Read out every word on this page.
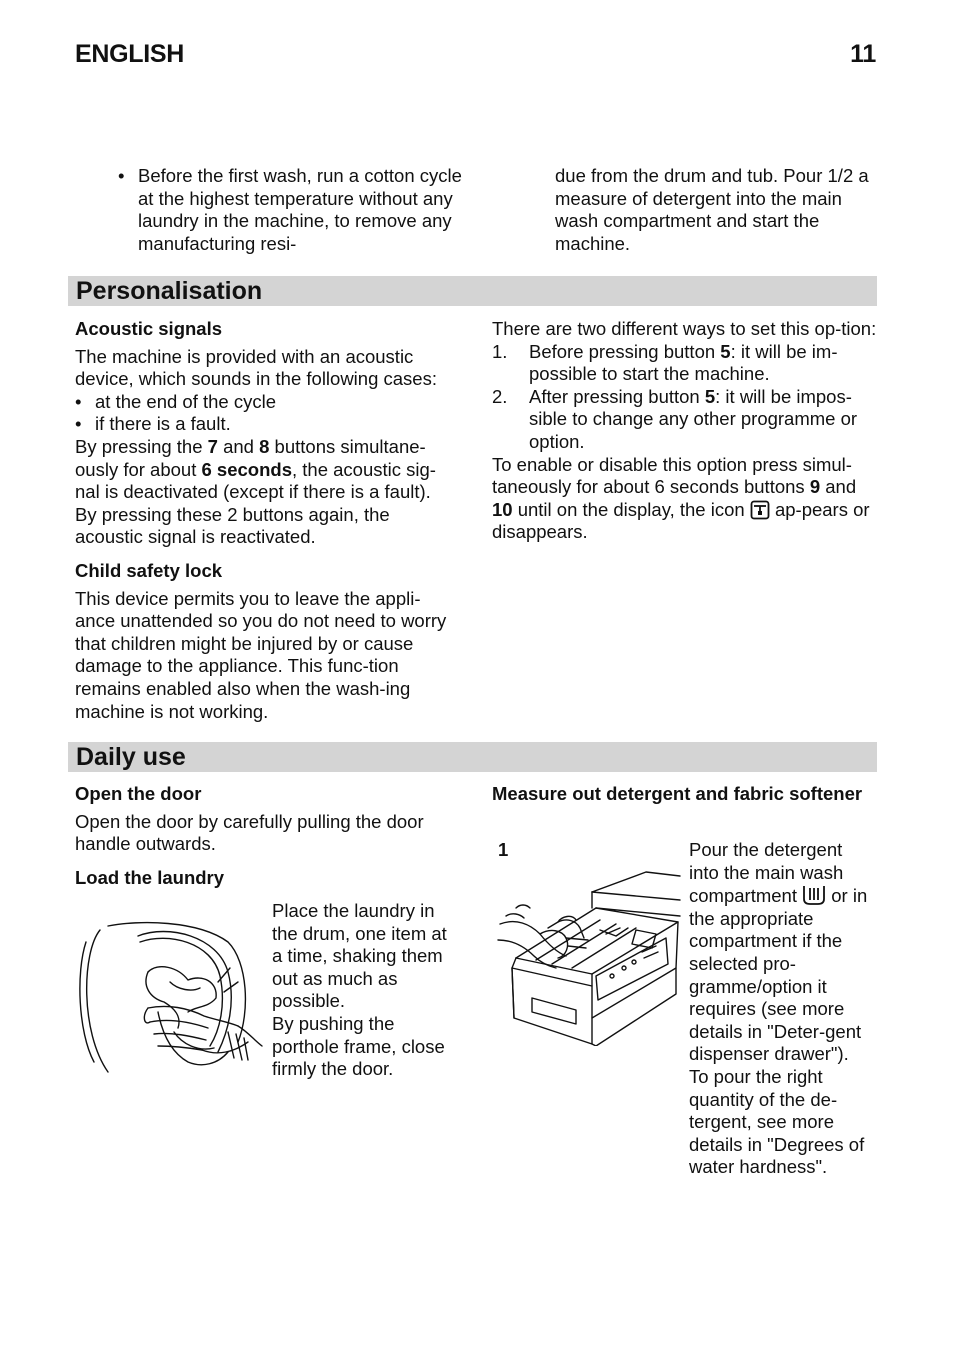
ENGLISH	11
• Before the first wash, run a cotton cycle at the highest temperature without any laundry in the machine, to remove any manufacturing resi-
due from the drum and tub. Pour 1/2 a measure of detergent into the main wash compartment and start the machine.
Personalisation
Acoustic signals
The machine is provided with an acoustic device, which sounds in the following cases:
• at the end of the cycle
• if there is a fault.
By pressing the 7 and 8 buttons simultane-ously for about 6 seconds, the acoustic sig-nal is deactivated (except if there is a fault).
By pressing these 2 buttons again, the acoustic signal is reactivated.
Child safety lock
This device permits you to leave the appli-ance unattended so you do not need to worry that children might be injured by or cause damage to the appliance. This func-tion remains enabled also when the wash-ing machine is not working.
There are two different ways to set this op-tion:
1. Before pressing button 5: it will be im-possible to start the machine.
2. After pressing button 5: it will be impos-sible to change any other programme or option.
To enable or disable this option press simul-taneously for about 6 seconds buttons 9 and 10 until on the display, the icon  ap-pears or disappears.
Daily use
Open the door
Open the door by carefully pulling the door handle outwards.
Load the laundry
Place the laundry in the drum, one item at a time, shaking them out as much as possible.
By pushing the porthole frame, close firmly the door.
Measure out detergent and fabric softener
1	Pour the detergent into the main wash compartment  or in the appropriate compartment if the selected pro-gramme/option it requires (see more details in "Deter-gent dispenser drawer").
To pour the right quantity of the de-tergent, see more details in "Degrees of water hardness".
